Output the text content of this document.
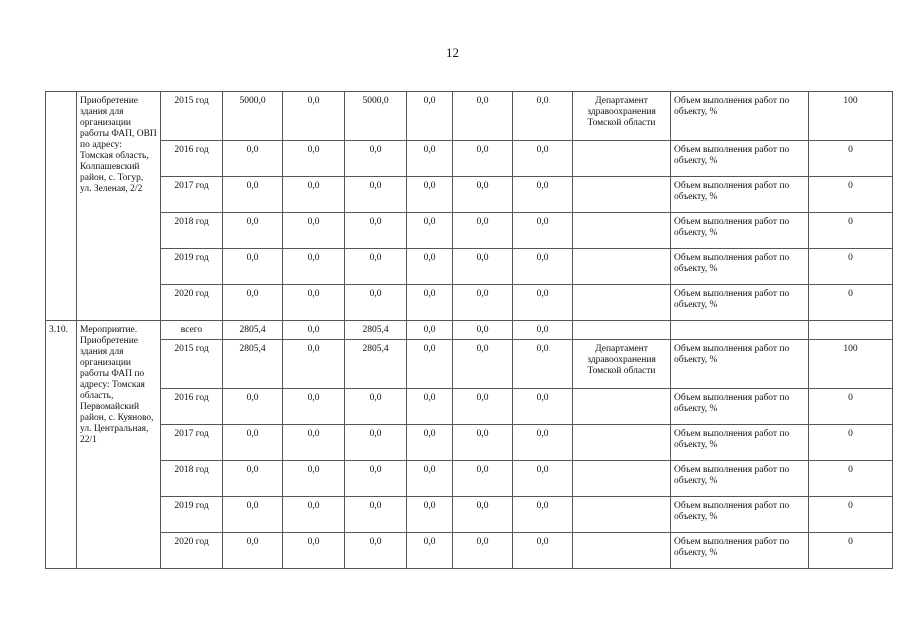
12
	Приобретение здания для организации работы ФАП, ОВП по адресу: Томская область, Колпашевский район, с. Тогур, ул. Зеленая, 2/2	2015 год	5000,0	0,0	5000,0	0,0	0,0	0,0	Департамент здравоохранения Томской области	Объем выполнения работ по объекту, %	100
		2016 год	0,0	0,0	0,0	0,0	0,0	0,0		Объем выполнения работ по объекту, %	0
		2017 год	0,0	0,0	0,0	0,0	0,0	0,0		Объем выполнения работ по объекту, %	0
		2018 год	0,0	0,0	0,0	0,0	0,0	0,0		Объем выполнения работ по объекту, %	0
		2019 год	0,0	0,0	0,0	0,0	0,0	0,0		Объем выполнения работ по объекту, %	0
		2020 год	0,0	0,0	0,0	0,0	0,0	0,0		Объем выполнения работ по объекту, %	0
3.10.	Мероприятие. Приобретение здания для организации работы ФАП по адресу: Томская область, Первомайский район, с. Куяново, ул. Центральная, 22/1	всего	2805,4	0,0	2805,4	0,0	0,0	0,0			
		2015 год	2805,4	0,0	2805,4	0,0	0,0	0,0	Департамент здравоохранения Томской области	Объем выполнения работ по объекту, %	100
		2016 год	0,0	0,0	0,0	0,0	0,0	0,0		Объем выполнения работ по объекту, %	0
		2017 год	0,0	0,0	0,0	0,0	0,0	0,0		Объем выполнения работ по объекту, %	0
		2018 год	0,0	0,0	0,0	0,0	0,0	0,0		Объем выполнения работ по объекту, %	0
		2019 год	0,0	0,0	0,0	0,0	0,0	0,0		Объем выполнения работ по объекту, %	0
		2020 год	0,0	0,0	0,0	0,0	0,0	0,0		Объем выполнения работ по объекту, %	0
